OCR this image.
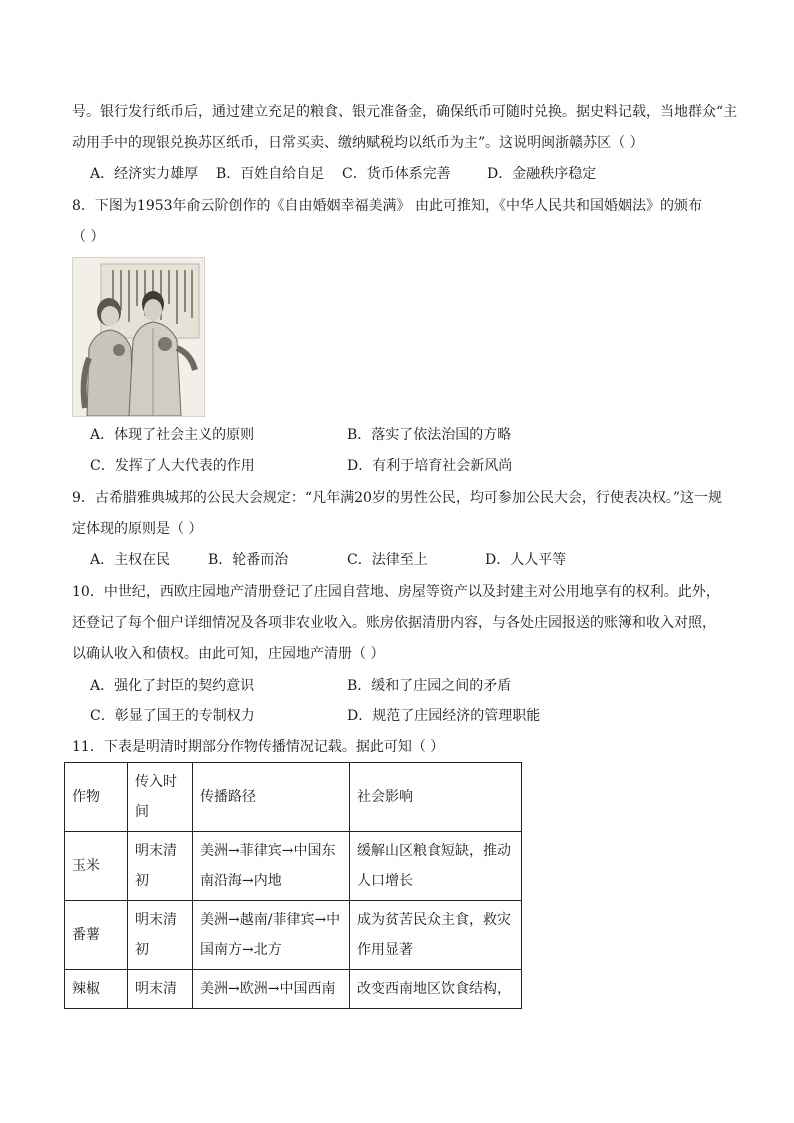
号。银行发行纸币后，通过建立充足的粮食、银元准备金，确保纸币可随时兑换。据史料记载，当地群众“主
动用手中的现银兑换苏区纸币，日常买卖、缴纳赋税均以纸币为主”。这说明闽浙赣苏区（ ）
A．经济实力雄厚 B．百姓自给自足 C．货币体系完善	D．金融秩序稳定
8．下图为1953年俞云阶创作的《自由婚姻幸福美满》 由此可推知，《中华人民共和国婚姻法》的颁布
（ ）
A．体现了社会主义的原则	B．落实了依法治国的方略
C．发挥了人大代表的作用	D．有利于培育社会新风尚
9．古希腊雅典城邦的公民大会规定：“凡年满20岁的男性公民，均可参加公民大会，行使表决权。”这一规
定体现的原则是（ ）
A．主权在民	B．轮番而治	C．法律至上	D．人人平等
10．中世纪，西欧庄园地产清册登记了庄园自营地、房屋等资产以及封建主对公用地享有的权利。此外，
还登记了每个佃户详细情况及各项非农业收入。账房依据清册内容，与各处庄园报送的账簿和收入对照，
以确认收入和债权。由此可知，庄园地产清册（ ）
A．强化了封臣的契约意识	B．缓和了庄园之间的矛盾
C．彰显了国王的专制权力	D．规范了庄园经济的管理职能
11．下表是明清时期部分作物传播情况记载。据此可知（ ）
作物	传入时间	传播路径	社会影响
玉米	明末清初	美洲→菲律宾→中国东南沿海→内地	缓解山区粮食短缺，推动人口增长
番薯	明末清初	美洲→越南/菲律宾→中国南方→北方	成为贫苦民众主食，救灾作用显著
辣椒	明末清	美洲→欧洲→中国西南	改变西南地区饮食结构，
